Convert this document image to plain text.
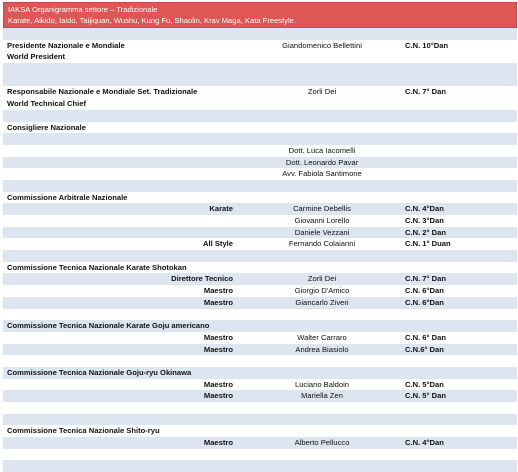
IAKSA Organigramma settore – Tradizionale
Karate, Aikido, Iaido, Taijiquan, Wushu, Kung Fu, Shaolin, Krav Maga, Kata Freestyle.
Presidente Nazionale e Mondiale	Giandomenico Bellettini	C.N. 10°Dan
World President
Responsabile Nazionale e Mondiale Set. Tradizionale	Zorli Dei	C.N. 7° Dan
World Technical Chief
Consigliere Nazionale
Dott. Luca Iacomelli
Dott. Leonardo Pavar
Avv. Fabiola Santimone
Commissione Arbitrale Nazionale
Karate	Carmine Debellis	C.N. 4°Dan
Giovanni Lorello	C.N. 3°Dan
Daniele Vezzani	C.N. 2° Dan
All Style	Fernando Colaianni	C.N. 1° Duan
Commissione Tecnica Nazionale Karate Shotokan
Direttore Tecnico	Zorli Dei	C.N. 7° Dan
Maestro	Giorgio D'Amico	C.N. 6°Dan
Maestro	Giancarlo Ziveri	C.N. 6°Dan
Commissione Tecnica Nazionale Karate Goju americano
Maestro	Walter Carraro	C.N. 6° Dan
Maestro	Andrea Biasiolo	C.N.6° Dan
Commissione Tecnica Nazionale Goju-ryu Okinawa
Maestro	Luciano Baldoin	C.N. 5°Dan
Maestro	Mariella Zen	C.N. 5° Dan
Commissione Tecnica Nazionale Shito-ryu
Maestro	Alberto Pellucco	C.N. 4°Dan
